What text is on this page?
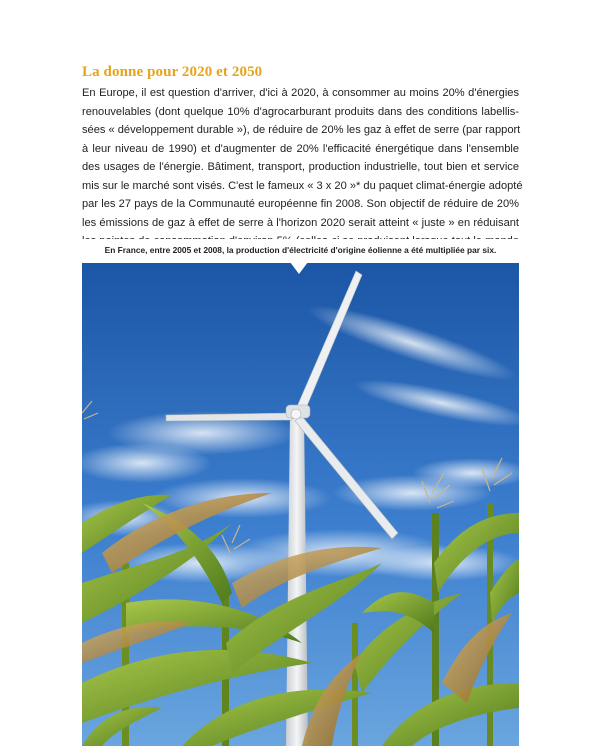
La donne pour 2020 et 2050
En Europe, il est question d'arriver, d'ici à 2020, à consommer au moins 20% d'énergies
renouvelables (dont quelque 10% d'agrocarburant produits dans des conditions labellis-
sées « développement durable »), de réduire de 20% les gaz à effet de serre (par rapport
à leur niveau de 1990) et d'augmenter de 20% l'efficacité énergétique dans l'ensemble
des usages de l'énergie. Bâtiment, transport, production industrielle, tout bien et service
mis sur le marché sont visés. C'est le fameux « 3 x 20 »* du paquet climat-énergie adopté
par les 27 pays de la Communauté européenne fin 2008. Son objectif de réduire de 20%
les émissions de gaz à effet de serre à l'horizon 2020 serait atteint « juste » en réduisant
En France, entre 2005 et 2008, la production d'électricité d'origine éolienne a été multipliée par six.
